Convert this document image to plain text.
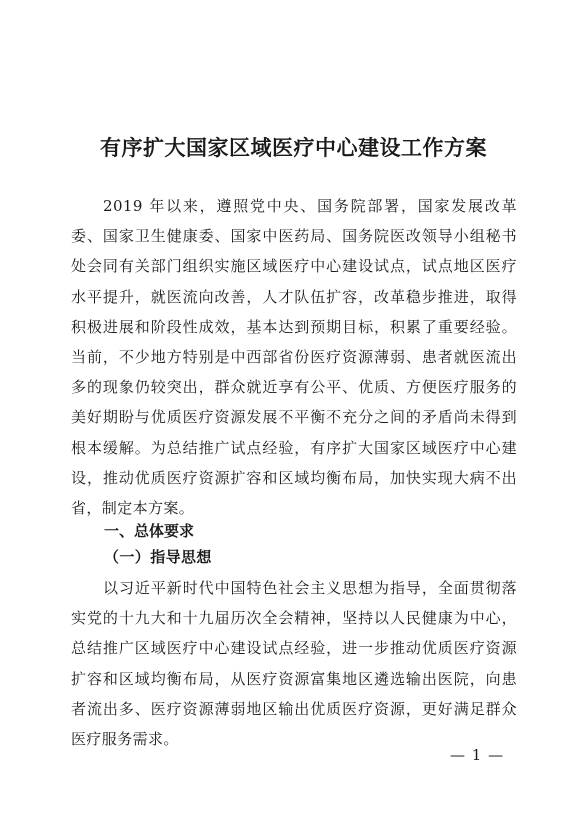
有序扩大国家区域医疗中心建设工作方案

2019 年以来，遵照党中央、国务院部署，国家发展改革委、国家卫生健康委、国家中医药局、国务院医改领导小组秘书处会同有关部门组织实施区域医疗中心建设试点，试点地区医疗水平提升，就医流向改善，人才队伍扩容，改革稳步推进，取得积极进展和阶段性成效，基本达到预期目标，积累了重要经验。当前，不少地方特别是中西部省份医疗资源薄弱、患者就医流出多的现象仍较突出，群众就近享有公平、优质、方便医疗服务的美好期盼与优质医疗资源发展不平衡不充分之间的矛盾尚未得到根本缓解。为总结推广试点经验，有序扩大国家区域医疗中心建设，推动优质医疗资源扩容和区域均衡布局，加快实现大病不出省，制定本方案。

一、总体要求
（一）指导思想

以习近平新时代中国特色社会主义思想为指导，全面贯彻落实党的十九大和十九届历次全会精神，坚持以人民健康为中心，总结推广区域医疗中心建设试点经验，进一步推动优质医疗资源扩容和区域均衡布局，从医疗资源富集地区遴选输出医院，向患者流出多、医疗资源薄弱地区输出优质医疗资源，更好满足群众医疗服务需求。

— 1 —
